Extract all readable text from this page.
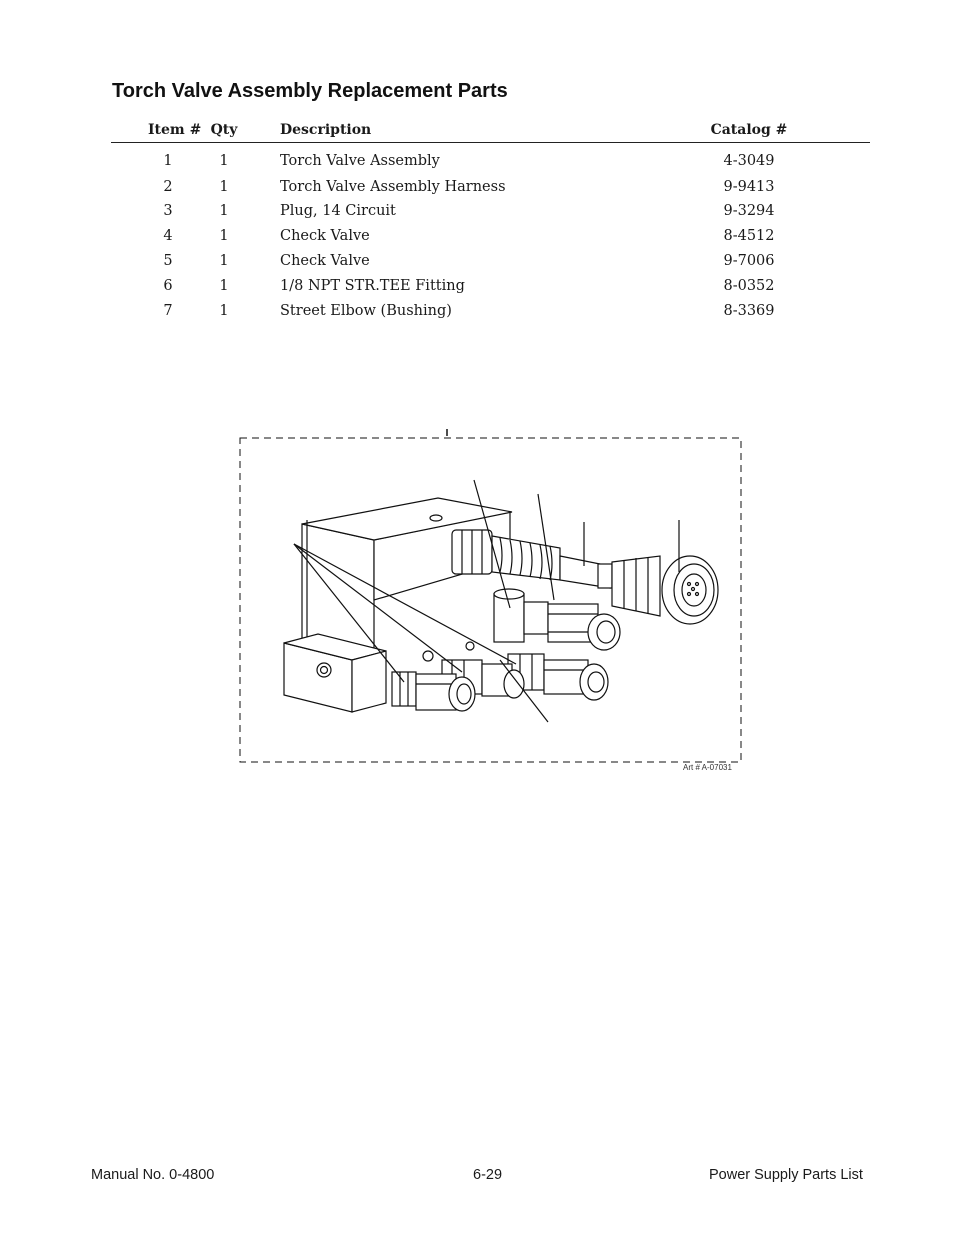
Torch Valve Assembly Replacement Parts
Item # Qty	Description	Catalog #
1	1	Torch Valve Assembly	4-3049
2	1	Torch Valve Assembly Harness	9-9413
3	1	Plug, 14 Circuit	9-3294
4	1	Check Valve	8-4512
5	1	Check Valve	9-7006
6	1	1/8 NPT STR.TEE Fitting	8-0352
7	1	Street Elbow (Bushing)	8-3369
Art # A-07031
Manual No. 0-4800	6-29	Power Supply Parts List
